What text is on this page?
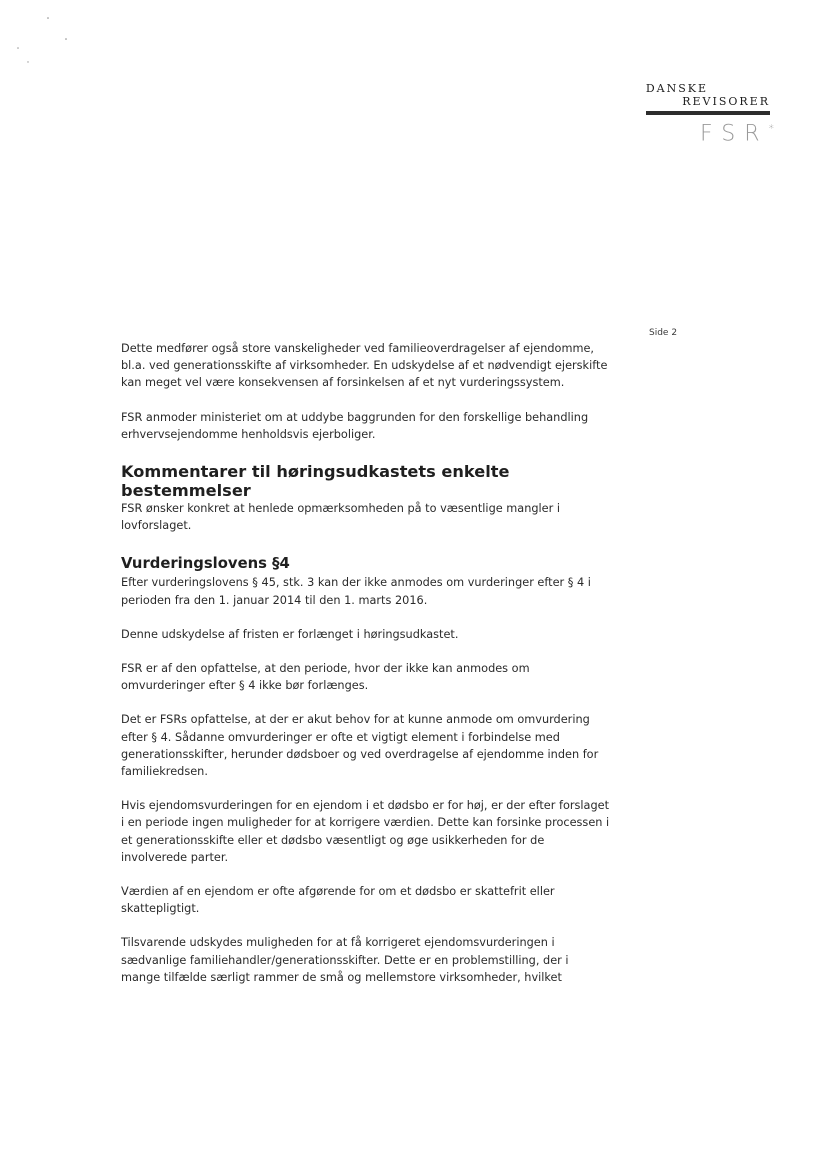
DANSKE
REVISORER
FSR*
Side 2

Dette medfører også store vanskeligheder ved familieoverdragelser af ejendomme, bl.a. ved generationsskifte af virksomheder. En udskydelse af et nødvendigt ejerskifte kan meget vel være konsekvensen af forsinkelsen af et nyt vurderingssystem.

FSR anmoder ministeriet om at uddybe baggrunden for den forskellige behandling erhvervsejendomme henholdsvis ejerboliger.

Kommentarer til høringsudkastets enkelte bestemmelser

FSR ønsker konkret at henlede opmærksomheden på to væsentlige mangler i lovforslaget.

Vurderingslovens §4

Efter vurderingslovens § 45, stk. 3 kan der ikke anmodes om vurderinger efter § 4 i perioden fra den 1. januar 2014 til den 1. marts 2016.

Denne udskydelse af fristen er forlænget i høringsudkastet.

FSR er af den opfattelse, at den periode, hvor der ikke kan anmodes om omvurderinger efter § 4 ikke bør forlænges.

Det er FSRs opfattelse, at der er akut behov for at kunne anmode om omvurdering efter § 4. Sådanne omvurderinger er ofte et vigtigt element i forbindelse med generationsskifter, herunder dødsboer og ved overdragelse af ejendomme inden for familiekredsen.

Hvis ejendomsvurderingen for en ejendom i et dødsbo er for høj, er der efter forslaget i en periode ingen muligheder for at korrigere værdien. Dette kan forsinke processen i et generationsskifte eller et dødsbo væsentligt og øge usikkerheden for de involverede parter.

Værdien af en ejendom er ofte afgørende for om et dødsbo er skattefrit eller skattepligtigt.

Tilsvarende udskydes muligheden for at få korrigeret ejendomsvurderingen i sædvanlige familiehandler/generationsskifter. Dette er en problemstilling, der i mange tilfælde særligt rammer de små og mellemstore virksomheder, hvilket
